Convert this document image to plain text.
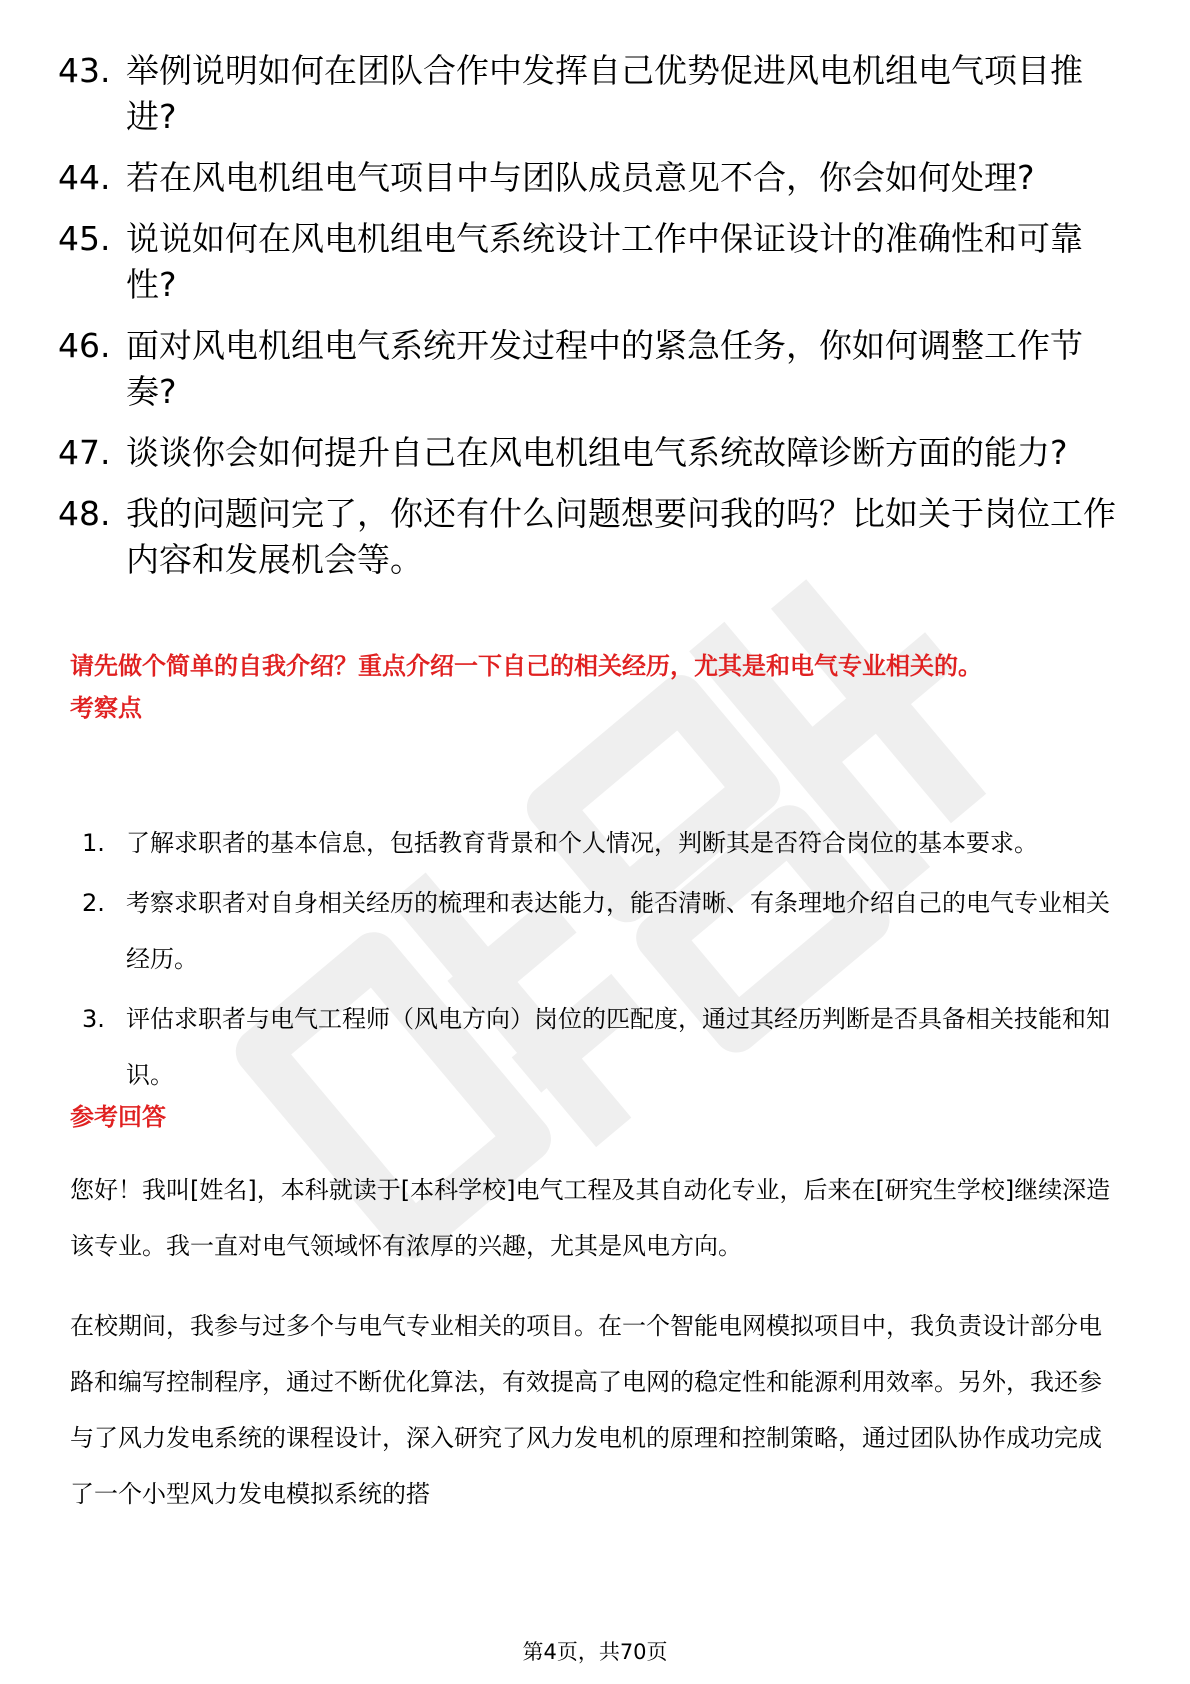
43. 举例说明如何在团队合作中发挥自己优势促进风电机组电气项目推进?
44. 若在风电机组电气项目中与团队成员意见不合，你会如何处理?
45. 说说如何在风电机组电气系统设计工作中保证设计的准确性和可靠性?
46. 面对风电机组电气系统开发过程中的紧急任务，你如何调整工作节奏?
47. 谈谈你会如何提升自己在风电机组电气系统故障诊断方面的能力?
48. 我的问题问完了，你还有什么问题想要问我的吗？比如关于岗位工作内容和发展机会等。
请先做个简单的自我介绍？重点介绍一下自己的相关经历，尤其是和电气专业相关的。
考察点
1. 了解求职者的基本信息，包括教育背景和个人情况，判断其是否符合岗位的基本要求。
2. 考察求职者对自身相关经历的梳理和表达能力，能否清晰、有条理地介绍自己的电气专业相关经历。
3. 评估求职者与电气工程师（风电方向）岗位的匹配度，通过其经历判断是否具备相关技能和知识。
参考回答
您好！我叫[姓名]，本科就读于[本科学校]电气工程及其自动化专业，后来在[研究生学校]继续深造该专业。我一直对电气领域怀有浓厚的兴趣，尤其是风电方向。
在校期间，我参与过多个与电气专业相关的项目。在一个智能电网模拟项目中，我负责设计部分电路和编写控制程序，通过不断优化算法，有效提高了电网的稳定性和能源利用效率。另外，我还参与了风力发电系统的课程设计，深入研究了风力发电机的原理和控制策略，通过团队协作成功完成了一个小型风力发电模拟系统的搭
第4页，共70页
